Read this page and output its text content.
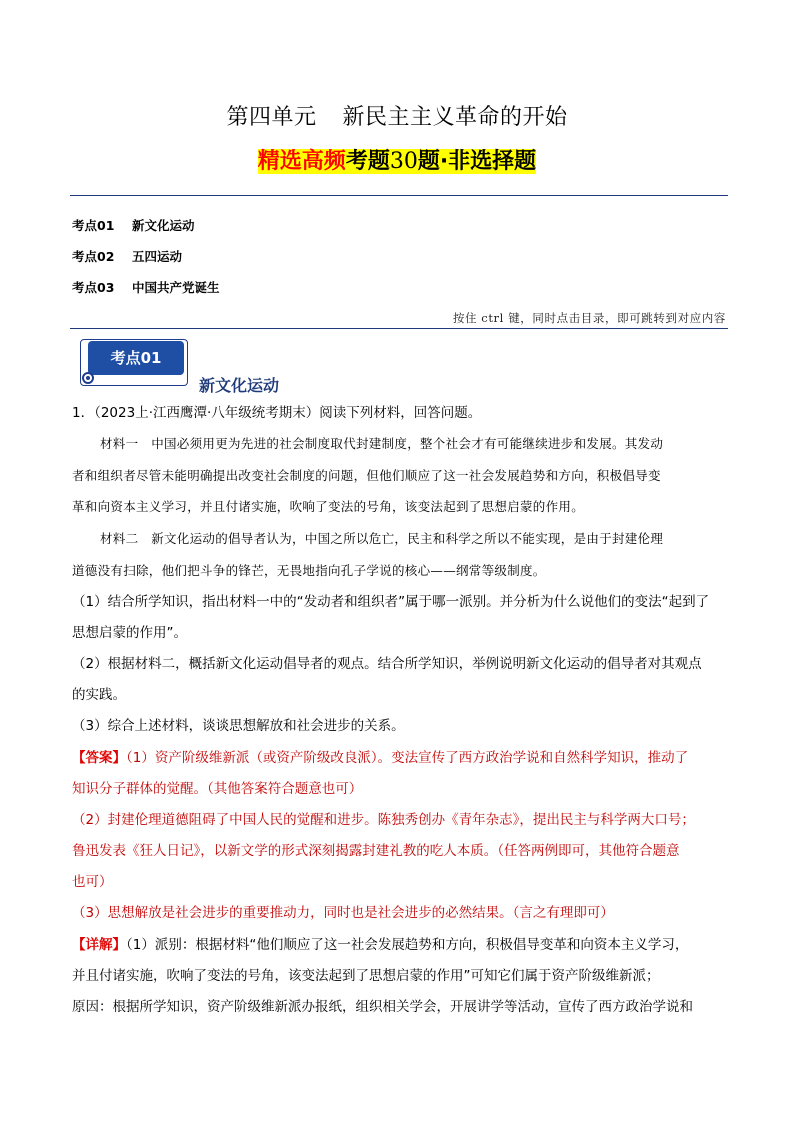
第四单元 新民主主义革命的开始
精选高频考题30题·非选择题
考点01 新文化运动
考点02 五四运动
考点03 中国共产党诞生
按住 ctrl 键，同时点击目录，即可跳转到对应内容
考点01
新文化运动
1．（2023上·江西鹰潭·八年级统考期末）阅读下列材料，回答问题。
材料一　中国必须用更为先进的社会制度取代封建制度，整个社会才有可能继续进步和发展。其发动
者和组织者尽管未能明确提出改变社会制度的问题，但他们顺应了这一社会发展趋势和方向，积极倡导变
革和向资本主义学习，并且付诸实施，吹响了变法的号角，该变法起到了思想启蒙的作用。
材料二　新文化运动的倡导者认为，中国之所以危亡，民主和科学之所以不能实现，是由于封建伦理
道德没有扫除，他们把斗争的锋芒，无畏地指向孔子学说的核心——纲常等级制度。
（1）结合所学知识，指出材料一中的“发动者和组织者”属于哪一派别。并分析为什么说他们的变法“起到了
思想启蒙的作用”。
（2）根据材料二，概括新文化运动倡导者的观点。结合所学知识，举例说明新文化运动的倡导者对其观点
的实践。
（3）综合上述材料，谈谈思想解放和社会进步的关系。
【答案】（1）资产阶级维新派（或资产阶级改良派）。变法宣传了西方政治学说和自然科学知识，推动了
知识分子群体的觉醒。（其他答案符合题意也可）
（2）封建伦理道德阻碍了中国人民的觉醒和进步。陈独秀创办《青年杂志》，提出民主与科学两大口号；
鲁迅发表《狂人日记》，以新文学的形式深刻揭露封建礼教的吃人本质。（任答两例即可，其他符合题意
也可）
（3）思想解放是社会进步的重要推动力，同时也是社会进步的必然结果。（言之有理即可）
【详解】（1）派别：根据材料“他们顺应了这一社会发展趋势和方向，积极倡导变革和向资本主义学习，
并且付诸实施，吹响了变法的号角，该变法起到了思想启蒙的作用”可知它们属于资产阶级维新派；
原因：根据所学知识，资产阶级维新派办报纸，组织相关学会，开展讲学等活动，宣传了西方政治学说和
